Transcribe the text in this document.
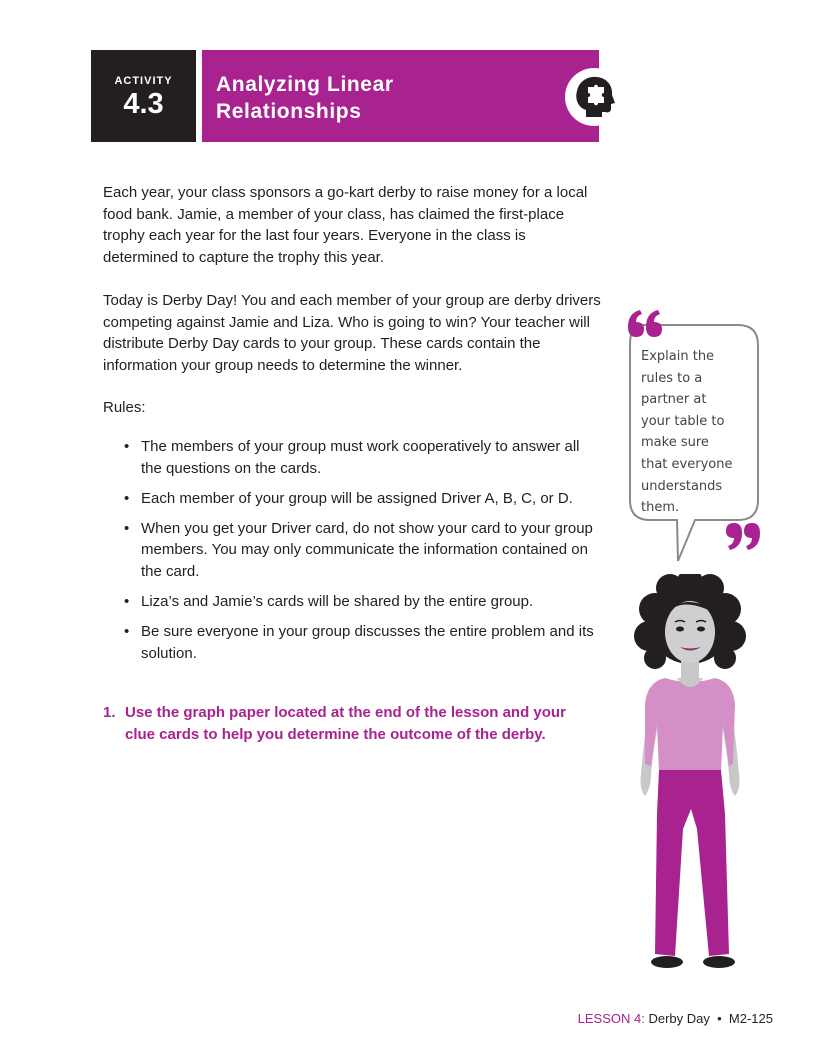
ACTIVITY
4.3
Analyzing Linear
Relationships

Each year, your class sponsors a go-kart derby to raise money for a local food bank. Jamie, a member of your class, has claimed the first-place trophy each year for the last four years. Everyone in the class is determined to capture the trophy this year.

Today is Derby Day! You and each member of your group are derby drivers competing against Jamie and Liza. Who is going to win? Your teacher will distribute Derby Day cards to your group. These cards contain the information your group needs to determine the winner.

Rules:
• The members of your group must work cooperatively to answer all the questions on the cards.
• Each member of your group will be assigned Driver A, B, C, or D.
• When you get your Driver card, do not show your card to your group members. You may only communicate the information contained on the card.
• Liza’s and Jamie’s cards will be shared by the entire group.
• Be sure everyone in your group discusses the entire problem and its solution.
1. Use the graph paper located at the end of the lesson and your clue cards to help you determine the outcome of the derby.
Explain the
rules to a
partner at
your table to
make sure
that everyone
understands
them.
LESSON 4: Derby Day • M2-125
